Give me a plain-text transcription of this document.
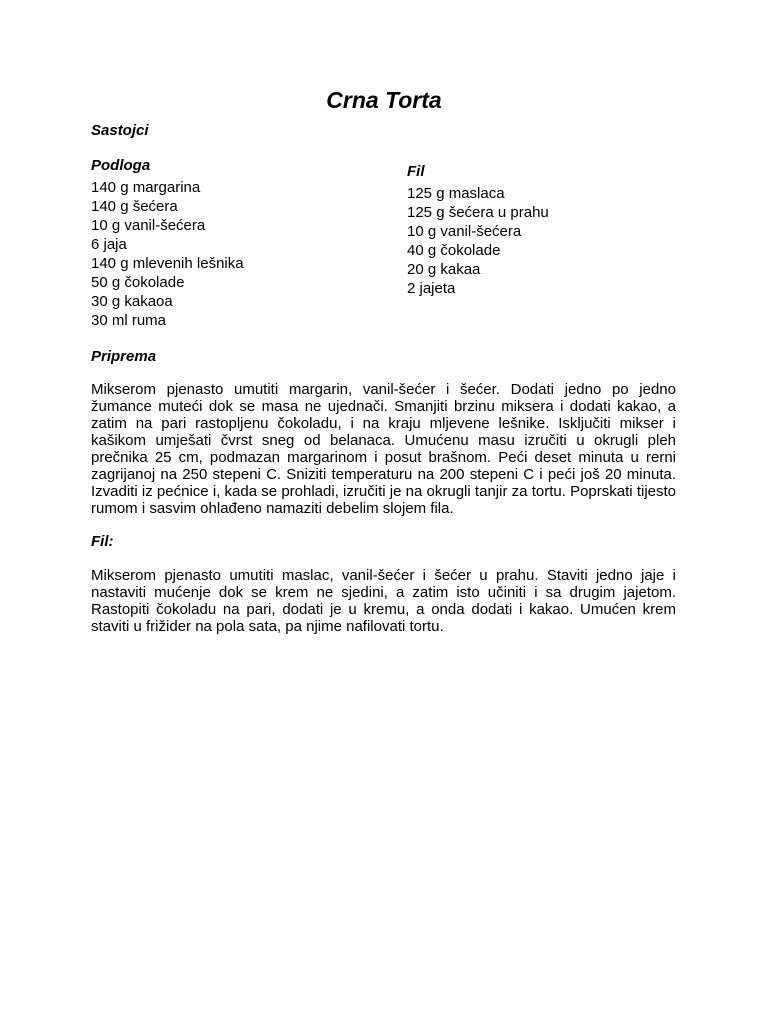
Crna Torta
Sastojci
Podloga
140 g margarina
140 g šećera
10 g vanil-šećera
6 jaja
140 g mlevenih lešnika
50 g čokolade
30 g kakaoa
30 ml ruma
Fil
125 g maslaca
125 g šećera u prahu
10 g vanil-šećera
40 g čokolade
20 g kakaa
2 jajeta
Priprema

Mikserom pjenasto umutiti margarin, vanil-šećer i šećer. Dodati jedno po jedno žumance muteći dok se masa ne ujednači. Smanjiti brzinu miksera i dodati kakao, a zatim na pari rastopljenu čokoladu, i na kraju mljevene lešnike. Isključiti mikser i kašikom umješati čvrst sneg od belanaca. Umućenu masu izručiti u okrugli pleh prečnika 25 cm, podmazan margarinom i posut brašnom. Peći deset minuta u rerni zagrijanoj na 250 stepeni C. Sniziti temperaturu na 200 stepeni C i peći još 20 minuta. Izvaditi iz pećnice i, kada se prohladi, izručiti je na okrugli tanjir za tortu. Poprskati tijesto rumom i sasvim ohlađeno namaziti debelim slojem fila.

Fil:

Mikserom pjenasto umutiti maslac, vanil-šećer i šećer u prahu. Staviti jedno jaje i nastaviti mućenje dok se krem ne sjedini, a zatim isto učiniti i sa drugim jajetom. Rastopiti čokoladu na pari, dodati je u kremu, a onda dodati i kakao. Umućen krem staviti u frižider na pola sata, pa njime nafilovati tortu.
